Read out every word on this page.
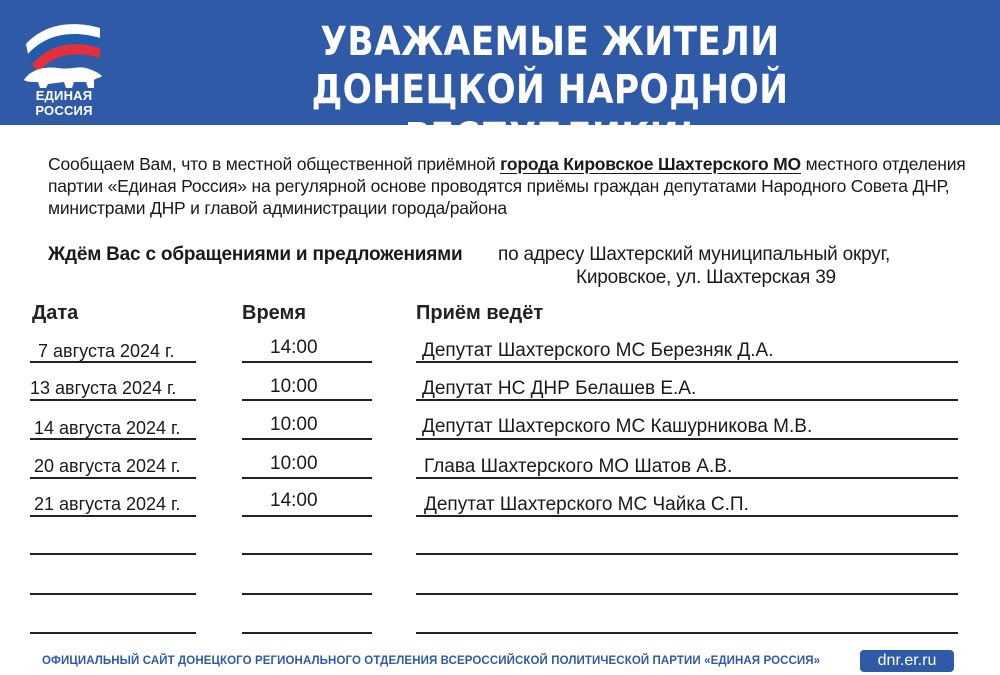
ЕДИНАЯ
РОССИЯ
УВАЖАЕМЫЕ ЖИТЕЛИ
ДОНЕЦКОЙ НАРОДНОЙ РЕСПУБЛИКИ!
Сообщаем Вам, что в местной общественной приёмной города Кировское Шахтерского МО местного отделения партии «Единая Россия» на регулярной основе проводятся приёмы граждан депутатами Народного Совета ДНР, министрами ДНР и главой администрации города/района
Ждём Вас с обращениями и предложениями по адресу Шахтерский муниципальный округ,
Кировское, ул. Шахтерская 39
Дата	Время	Приём ведёт
7 августа 2024 г.	14:00	Депутат Шахтерского МС Березняк Д.А.
13 августа 2024 г.	10:00	Депутат НС ДНР Белашев Е.А.
14 августа 2024 г.	10:00	Депутат Шахтерского МС Кашурникова М.В.
20 августа 2024 г.	10:00	Глава Шахтерского МО Шатов А.В.
21 августа 2024 г.	14:00	Депутат Шахтерского МС Чайка С.П.
ОФИЦИАЛЬНЫЙ САЙТ ДОНЕЦКОГО РЕГИОНАЛЬНОГО ОТДЕЛЕНИЯ ВСЕРОССИЙСКОЙ ПОЛИТИЧЕСКОЙ ПАРТИИ «ЕДИНАЯ РОССИЯ»	dnr.er.ru
